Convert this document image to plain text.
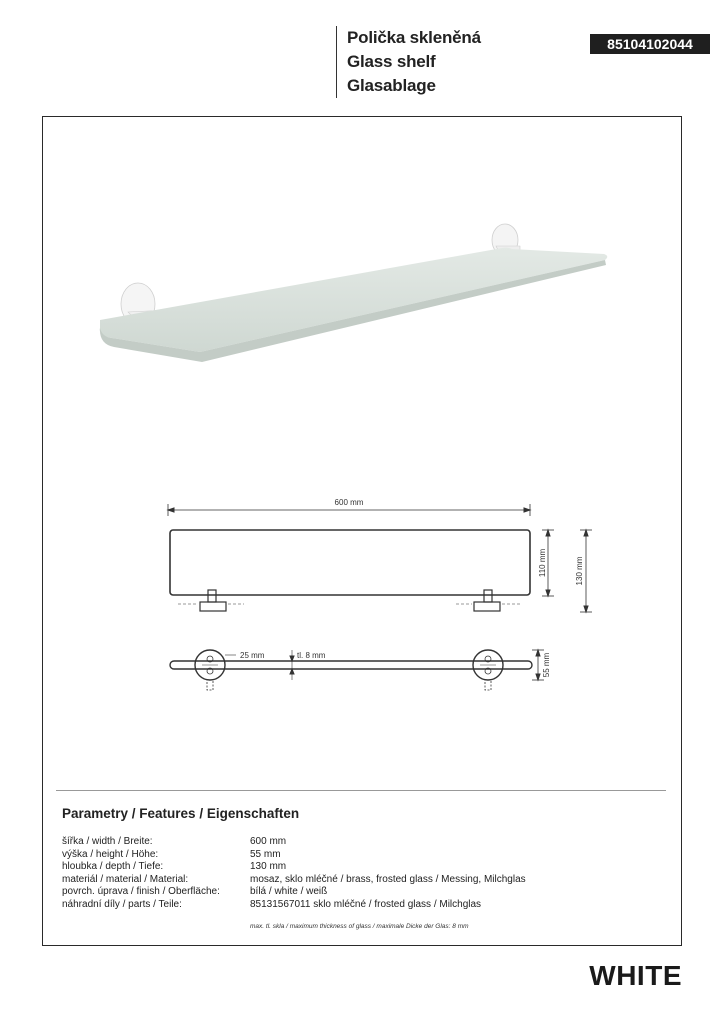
Polička skleněná
Glass shelf
Glasablage
85104102044
600 mm
110 mm	130 mm
25 mm	tl. 8 mm	55 mm
Parametry / Features / Eigenschaften
šířka / width / Breite:	600 mm
výška / height / Höhe:	55 mm
hloubka / depth / Tiefe:	130 mm
materiál / material / Material:	mosaz, sklo mléčné / brass, frosted glass / Messing, Milchglas
povrch. úprava / finish / Oberfläche:	bílá / white / weiß
náhradní díly / parts / Teile:	85131567011 sklo mléčné / frosted glass / Milchglas
max. tl. skla / maximum thickness of glass / maximale Dicke der Glas: 8 mm
WHITE
